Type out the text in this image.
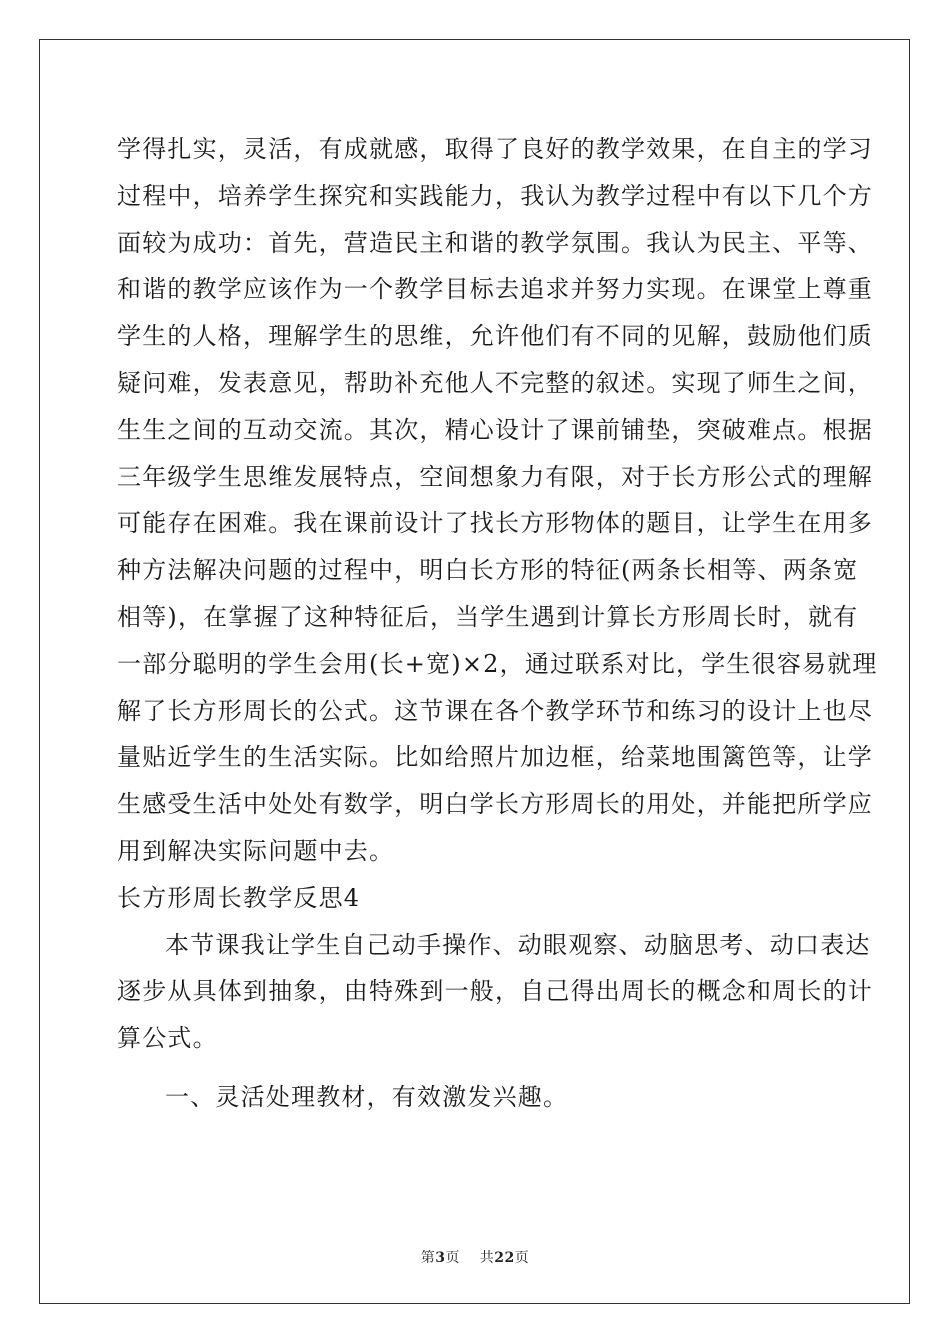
学得扎实，灵活，有成就感，取得了良好的教学效果，在自主的学习
过程中，培养学生探究和实践能力，我认为教学过程中有以下几个方
面较为成功：首先，营造民主和谐的教学氛围。我认为民主、平等、
和谐的教学应该作为一个教学目标去追求并努力实现。在课堂上尊重
学生的人格，理解学生的思维，允许他们有不同的见解，鼓励他们质
疑问难，发表意见，帮助补充他人不完整的叙述。实现了师生之间，
生生之间的互动交流。其次，精心设计了课前铺垫，突破难点。根据
三年级学生思维发展特点，空间想象力有限，对于长方形公式的理解
可能存在困难。我在课前设计了找长方形物体的题目，让学生在用多
种方法解决问题的过程中，明白长方形的特征(两条长相等、两条宽
相等)，在掌握了这种特征后，当学生遇到计算长方形周长时，就有
一部分聪明的学生会用(长+宽)×2，通过联系对比，学生很容易就理
解了长方形周长的公式。这节课在各个教学环节和练习的设计上也尽
量贴近学生的生活实际。比如给照片加边框，给菜地围篱笆等，让学
生感受生活中处处有数学，明白学长方形周长的用处，并能把所学应
用到解决实际问题中去。
长方形周长教学反思4
本节课我让学生自己动手操作、动眼观察、动脑思考、动口表达
逐步从具体到抽象，由特殊到一般，自己得出周长的概念和周长的计
算公式。
一、灵活处理教材，有效激发兴趣。
第3页 共22页
